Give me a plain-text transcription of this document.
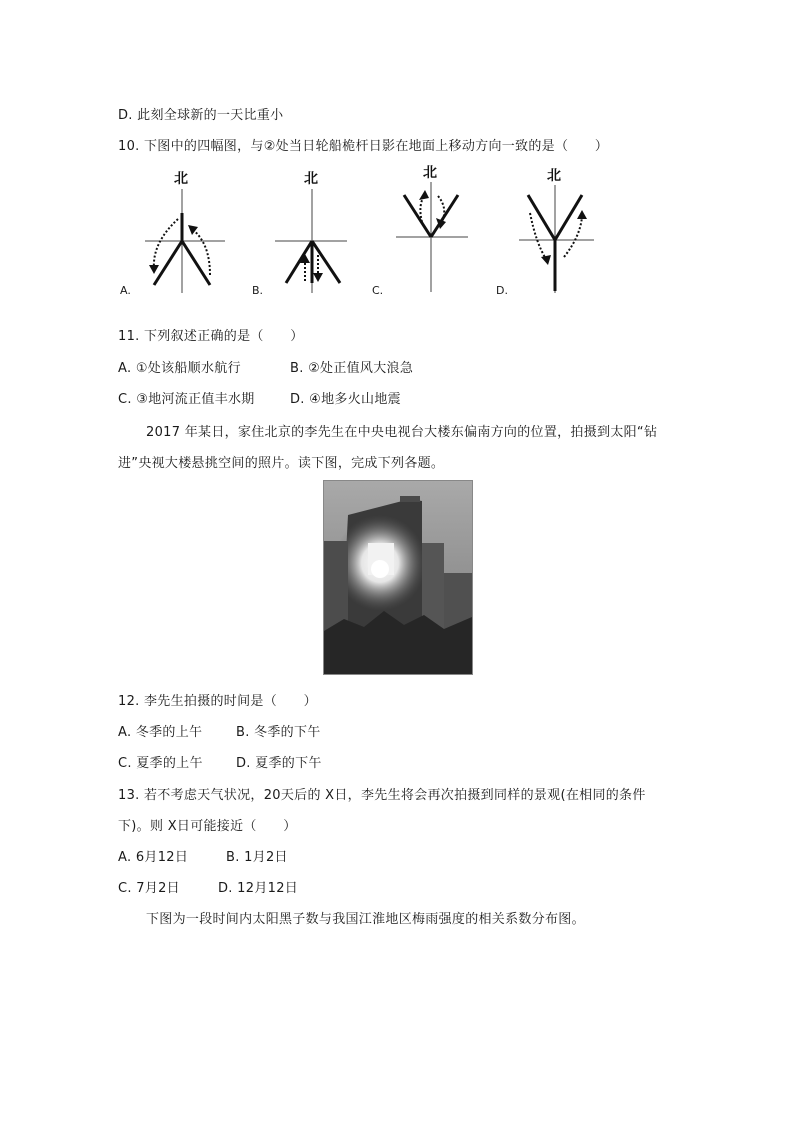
D. 此刻全球新的一天比重小
10. 下图中的四幅图，与②处当日轮船桅杆日影在地面上移动方向一致的是（　　）
北
A.
北
B.
北
C.
北
D.
11. 下列叙述正确的是（　　）
A. ①处该船顺水航行	B. ②处正值风大浪急
C. ③地河流正值丰水期	D. ④地多火山地震
2017 年某日，家住北京的李先生在中央电视台大楼东偏南方向的位置，拍摄到太阳“钻
进”央视大楼悬挑空间的照片。读下图，完成下列各题。
12. 李先生拍摄的时间是（　　）
A. 冬季的上午	B. 冬季的下午
C. 夏季的上午	D. 夏季的下午
13. 若不考虑天气状况，20天后的 X日，李先生将会再次拍摄到同样的景观(在相同的条件
下)。则 X日可能接近（　　）
A. 6月12日	B. 1月2日
C. 7月2日	D. 12月12日
下图为一段时间内太阳黑子数与我国江淮地区梅雨强度的相关系数分布图。
